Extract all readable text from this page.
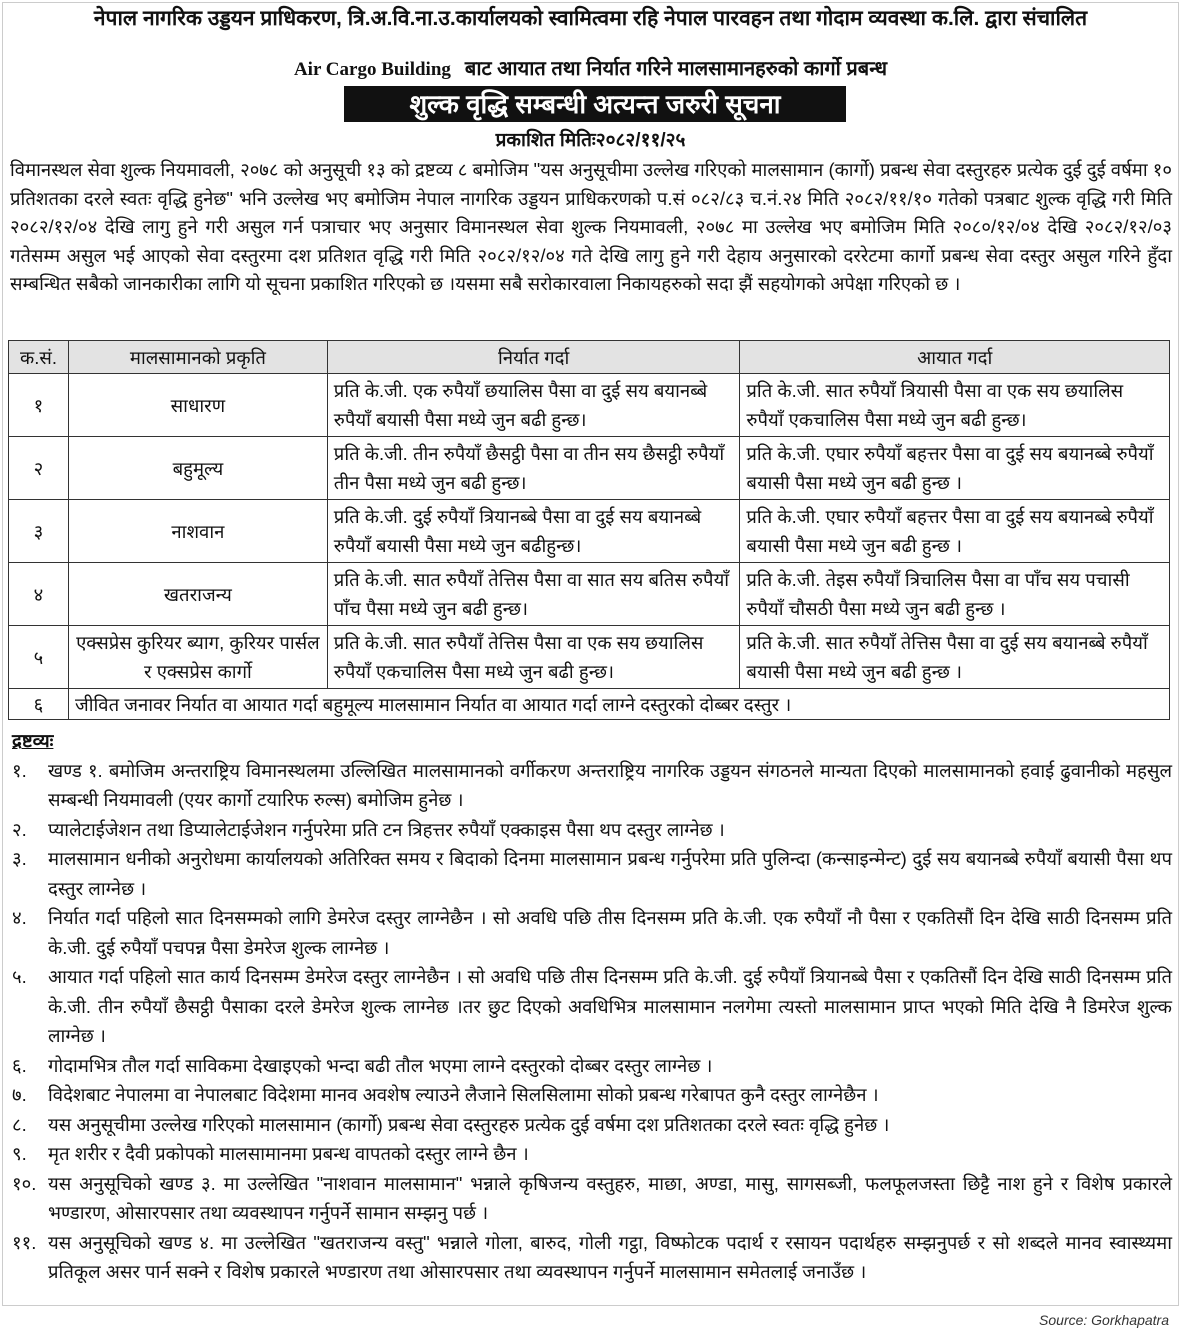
नेपाल नागरिक उड्डयन प्राधिकरण, त्रि.अ.वि.ना.उ.कार्यालयको स्वामित्वमा रहि नेपाल पारवहन तथा गोदाम व्यवस्था क.लि. द्वारा संचालित
Air Cargo Building बाट आयात तथा निर्यात गरिने मालसामानहरुको कार्गो प्रबन्ध
शुल्क वृद्धि सम्बन्धी अत्यन्त जरुरी सूचना
प्रकाशित मितिः२०८२/११/२५
विमानस्थल सेवा शुल्क नियमावली, २०७८ को अनुसूची १३ को द्रष्टव्य ८ बमोजिम "यस अनुसूचीमा उल्लेख गरिएको मालसामान (कार्गो) प्रबन्ध सेवा दस्तुरहरु प्रत्येक दुई दुई वर्षमा १० प्रतिशतका दरले स्वतः वृद्धि हुनेछ" भनि उल्लेख भए बमोजिम नेपाल नागरिक उड्डयन प्राधिकरणको प.सं ०८२/८३ च.नं.२४ मिति २०८२/११/१० गतेको पत्रबाट शुल्क वृद्धि गरी मिति २०८२/१२/०४ देखि लागु हुने गरी असुल गर्न पत्राचार भए अनुसार विमानस्थल सेवा शुल्क नियमावली, २०७८ मा उल्लेख भए बमोजिम मिति २०८०/१२/०४ देखि २०८२/१२/०३ गतेसम्म असुल भई आएको सेवा दस्तुरमा दश प्रतिशत वृद्धि गरी मिति २०८२/१२/०४ गते देखि लागु हुने गरी देहाय अनुसारको दररेटमा कार्गो प्रबन्ध सेवा दस्तुर असुल गरिने हुँदा सम्बन्धित सबैको जानकारीका लागि यो सूचना प्रकाशित गरिएको छ ।यसमा सबै सरोकारवाला निकायहरुको सदा झैं सहयोगको अपेक्षा गरिएको छ ।
क.सं.	मालसामानको प्रकृति	निर्यात गर्दा	आयात गर्दा
१	साधारण	प्रति के.जी. एक रुपैयाँ छयालिस पैसा वा दुई सय बयानब्बे रुपैयाँ बयासी पैसा मध्ये जुन बढी हुन्छ।	प्रति के.जी. सात रुपैयाँ त्रियासी पैसा वा एक सय छयालिस रुपैयाँ एकचालिस पैसा मध्ये जुन बढी हुन्छ।
२	बहुमूल्य	प्रति के.जी. तीन रुपैयाँ छैसट्ठी पैसा वा तीन सय छैसट्ठी रुपैयाँ तीन पैसा मध्ये जुन बढी हुन्छ।	प्रति के.जी. एघार रुपैयाँ बहत्तर पैसा वा दुई सय बयानब्बे रुपैयाँ बयासी पैसा मध्ये जुन बढी हुन्छ ।
३	नाशवान	प्रति के.जी. दुई रुपैयाँ त्रियानब्बे पैसा वा दुई सय बयानब्बे रुपैयाँ बयासी पैसा मध्ये जुन बढीहुन्छ।	प्रति के.जी. एघार रुपैयाँ बहत्तर पैसा वा दुई सय बयानब्बे रुपैयाँ बयासी पैसा मध्ये जुन बढी हुन्छ ।
४	खतराजन्य	प्रति के.जी. सात रुपैयाँ तेत्तिस पैसा वा सात सय बतिस रुपैयाँ पाँच पैसा मध्ये जुन बढी हुन्छ।	प्रति के.जी. तेइस रुपैयाँ त्रिचालिस पैसा वा पाँच सय पचासी रुपैयाँ चौसठी पैसा मध्ये जुन बढी हुन्छ ।
५	एक्सप्रेस कुरियर ब्याग, कुरियर पार्सल र एक्सप्रेस कार्गो	प्रति के.जी. सात रुपैयाँ तेत्तिस पैसा वा एक सय छयालिस रुपैयाँ एकचालिस पैसा मध्ये जुन बढी हुन्छ।	प्रति के.जी. सात रुपैयाँ तेत्तिस पैसा वा दुई सय बयानब्बे रुपैयाँ बयासी पैसा मध्ये जुन बढी हुन्छ ।
६	जीवित जनावर निर्यात वा आयात गर्दा बहुमूल्य मालसामान निर्यात वा आयात गर्दा लाग्ने दस्तुरको दोब्बर दस्तुर ।		
द्रष्टव्यः
१.	खण्ड १. बमोजिम अन्तराष्ट्रिय विमानस्थलमा उल्लिखित मालसामानको वर्गीकरण अन्तराष्ट्रिय नागरिक उड्डयन संगठनले मान्यता दिएको मालसामानको हवाई ढुवानीको महसुल सम्बन्धी नियमावली (एयर कार्गो टयारिफ रुल्स) बमोजिम हुनेछ ।
२.	प्यालेटाईजेशन तथा डिप्यालेटाईजेशन गर्नुपरेमा प्रति टन त्रिहत्तर रुपैयाँ एक्काइस पैसा थप दस्तुर लाग्नेछ ।
३.	मालसामान धनीको अनुरोधमा कार्यालयको अतिरिक्त समय र बिदाको दिनमा मालसामान प्रबन्ध गर्नुपरेमा प्रति पुलिन्दा (कन्साइन्मेन्ट) दुई सय बयानब्बे रुपैयाँ बयासी पैसा थप दस्तुर लाग्नेछ ।
४.	निर्यात गर्दा पहिलो सात दिनसम्मको लागि डेमरेज दस्तुर लाग्नेछैन । सो अवधि पछि तीस दिनसम्म प्रति के.जी. एक रुपैयाँ नौ पैसा र एकतिसौं दिन देखि साठी दिनसम्म प्रति के.जी. दुई रुपैयाँ पचपन्न पैसा डेमरेज शुल्क लाग्नेछ ।
५.	आयात गर्दा पहिलो सात कार्य दिनसम्म डेमरेज दस्तुर लाग्नेछैन । सो अवधि पछि तीस दिनसम्म प्रति के.जी. दुई रुपैयाँ त्रियानब्बे पैसा र एकतिसौं दिन देखि साठी दिनसम्म प्रति के.जी. तीन रुपैयाँ छैसट्ठी पैसाका दरले डेमरेज शुल्क लाग्नेछ ।तर छुट दिएको अवधिभित्र मालसामान नलगेमा त्यस्तो मालसामान प्राप्त भएको मिति देखि नै डिमरेज शुल्क लाग्नेछ ।
६.	गोदामभित्र तौल गर्दा साविकमा देखाइएको भन्दा बढी तौल भएमा लाग्ने दस्तुरको दोब्बर दस्तुर लाग्नेछ ।
७.	विदेशबाट नेपालमा वा नेपालबाट विदेशमा मानव अवशेष ल्याउने लैजाने सिलसिलामा सोको प्रबन्ध गरेबापत कुनै दस्तुर लाग्नेछैन ।
८.	यस अनुसूचीमा उल्लेख गरिएको मालसामान (कार्गो) प्रबन्ध सेवा दस्तुरहरु प्रत्येक दुई वर्षमा दश प्रतिशतका दरले स्वतः वृद्धि हुनेछ ।
९.	मृत शरीर र दैवी प्रकोपको मालसामानमा प्रबन्ध वापतको दस्तुर लाग्ने छैन ।
१०. यस अनुसूचिको खण्ड ३. मा उल्लेखित "नाशवान मालसामान" भन्नाले कृषिजन्य वस्तुहरु, माछा, अण्डा, मासु, सागसब्जी, फलफूलजस्ता छिट्टै नाश हुने र विशेष प्रकारले भण्डारण, ओसारपसार तथा व्यवस्थापन गर्नुपर्ने सामान सम्झनु पर्छ ।
११. यस अनुसूचिको खण्ड ४. मा उल्लेखित "खतराजन्य वस्तु" भन्नाले गोला, बारुद, गोली गट्ठा, विष्फोटक पदार्थ र रसायन पदार्थहरु सम्झनुपर्छ र सो शब्दले मानव स्वास्थ्यमा प्रतिकूल असर पार्न सक्ने र विशेष प्रकारले भण्डारण तथा ओसारपसार तथा व्यवस्थापन गर्नुपर्ने मालसामान समेतलाई जनाउँछ ।
Source: Gorkhapatra
